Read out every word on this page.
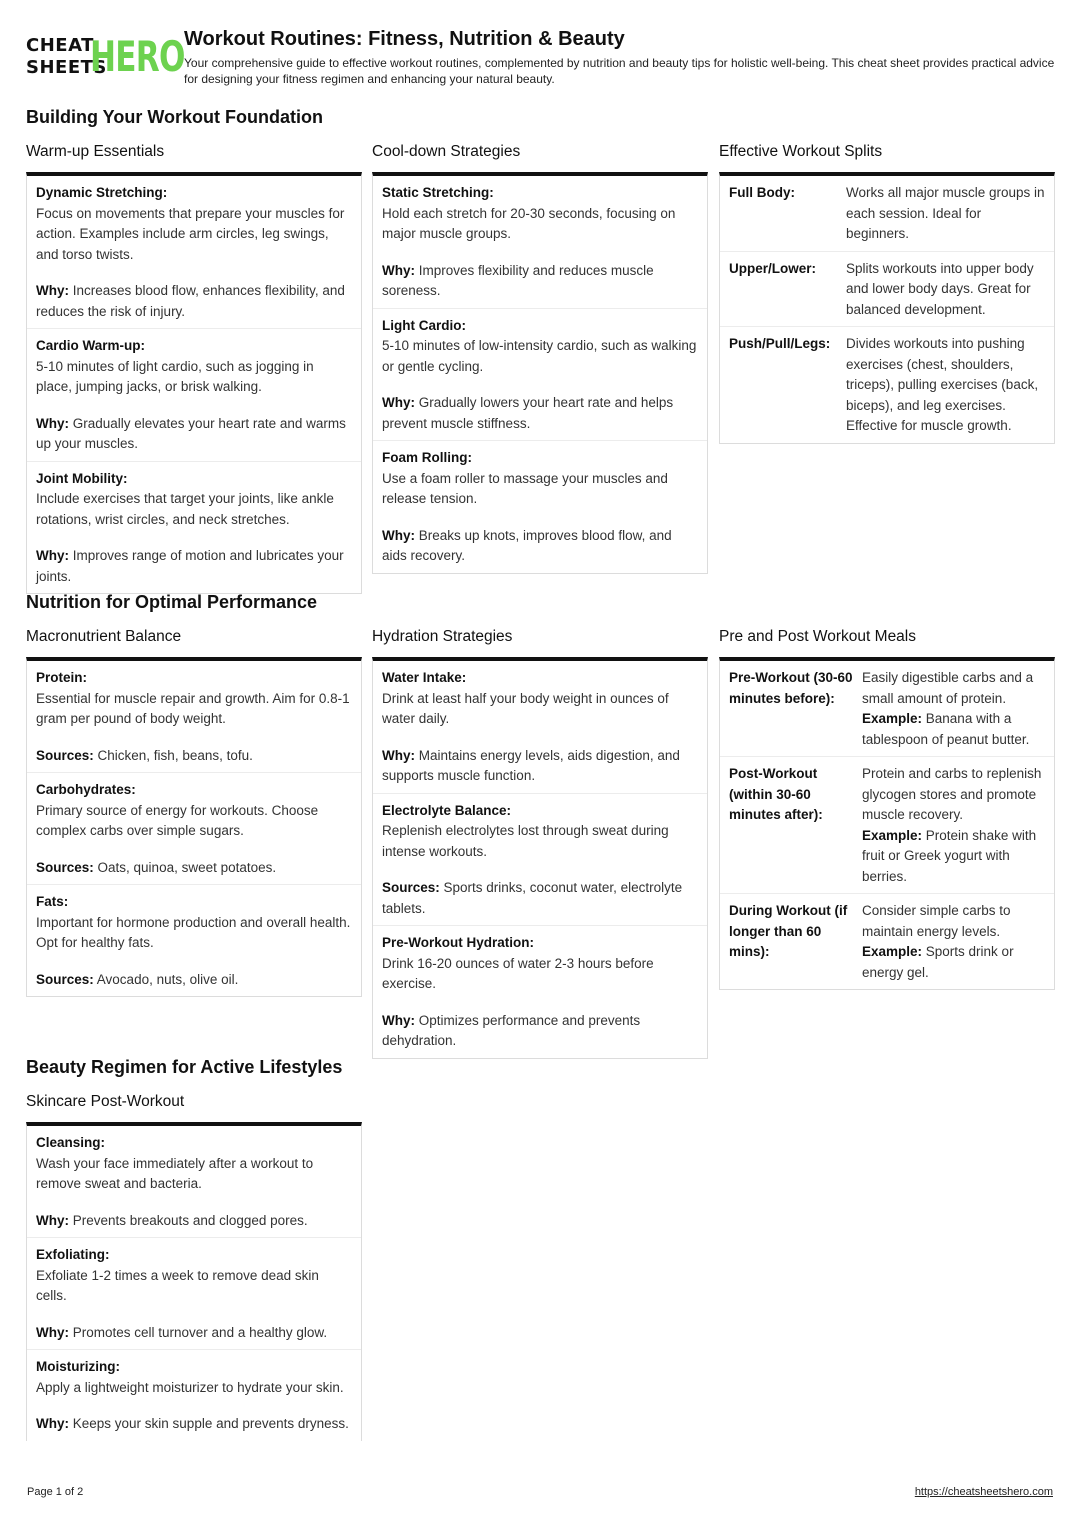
CHEAT
SHEETS
HERO Workout Routines: Fitness, Nutrition & Beauty
Your comprehensive guide to effective workout routines, complemented by nutrition and beauty tips for holistic well-being. This cheat sheet provides practical advice for designing your fitness regimen and enhancing your natural beauty.
Building Your Workout Foundation
Warm-up Essentials
Dynamic Stretching:
Focus on movements that prepare your muscles for action. Examples include arm circles, leg swings, and torso twists.
Why: Increases blood flow, enhances flexibility, and reduces the risk of injury.
Cardio Warm-up:
5-10 minutes of light cardio, such as jogging in place, jumping jacks, or brisk walking.
Why: Gradually elevates your heart rate and warms up your muscles.
Joint Mobility:
Include exercises that target your joints, like ankle rotations, wrist circles, and neck stretches.
Why: Improves range of motion and lubricates your joints.
Cool-down Strategies
Static Stretching:
Hold each stretch for 20-30 seconds, focusing on major muscle groups.
Why: Improves flexibility and reduces muscle soreness.
Light Cardio:
5-10 minutes of low-intensity cardio, such as walking or gentle cycling.
Why: Gradually lowers your heart rate and helps prevent muscle stiffness.
Foam Rolling:
Use a foam roller to massage your muscles and release tension.
Why: Breaks up knots, improves blood flow, and aids recovery.
Effective Workout Splits
Full Body:	Works all major muscle groups in each session. Ideal for beginners.
Upper/Lower:	Splits workouts into upper body and lower body days. Great for balanced development.
Push/Pull/Legs:	Divides workouts into pushing exercises (chest, shoulders, triceps), pulling exercises (back, biceps), and leg exercises. Effective for muscle growth.
Nutrition for Optimal Performance
Macronutrient Balance
Protein:
Essential for muscle repair and growth. Aim for 0.8-1 gram per pound of body weight.
Sources: Chicken, fish, beans, tofu.
Carbohydrates:
Primary source of energy for workouts. Choose complex carbs over simple sugars.
Sources: Oats, quinoa, sweet potatoes.
Fats:
Important for hormone production and overall health. Opt for healthy fats.
Sources: Avocado, nuts, olive oil.
Hydration Strategies
Water Intake:
Drink at least half your body weight in ounces of water daily.
Why: Maintains energy levels, aids digestion, and supports muscle function.
Electrolyte Balance:
Replenish electrolytes lost through sweat during intense workouts.
Sources: Sports drinks, coconut water, electrolyte tablets.
Pre-Workout Hydration:
Drink 16-20 ounces of water 2-3 hours before exercise.
Why: Optimizes performance and prevents dehydration.
Pre and Post Workout Meals
Pre-Workout (30-60 minutes before):
Easily digestible carbs and a small amount of protein.
Example: Banana with a tablespoon of peanut butter.
Post-Workout (within 30-60 minutes after):
Protein and carbs to replenish glycogen stores and promote muscle recovery.
Example: Protein shake with fruit or Greek yogurt with berries.
During Workout (if longer than 60 mins):
Consider simple carbs to maintain energy levels.
Example: Sports drink or energy gel.
Beauty Regimen for Active Lifestyles
Skincare Post-Workout
Cleansing:
Wash your face immediately after a workout to remove sweat and bacteria.
Why: Prevents breakouts and clogged pores.
Exfoliating:
Exfoliate 1-2 times a week to remove dead skin cells.
Why: Promotes cell turnover and a healthy glow.
Moisturizing:
Apply a lightweight moisturizer to hydrate your skin.
Why: Keeps your skin supple and prevents dryness.
Page 1 of 2	https://cheatsheetshero.com
